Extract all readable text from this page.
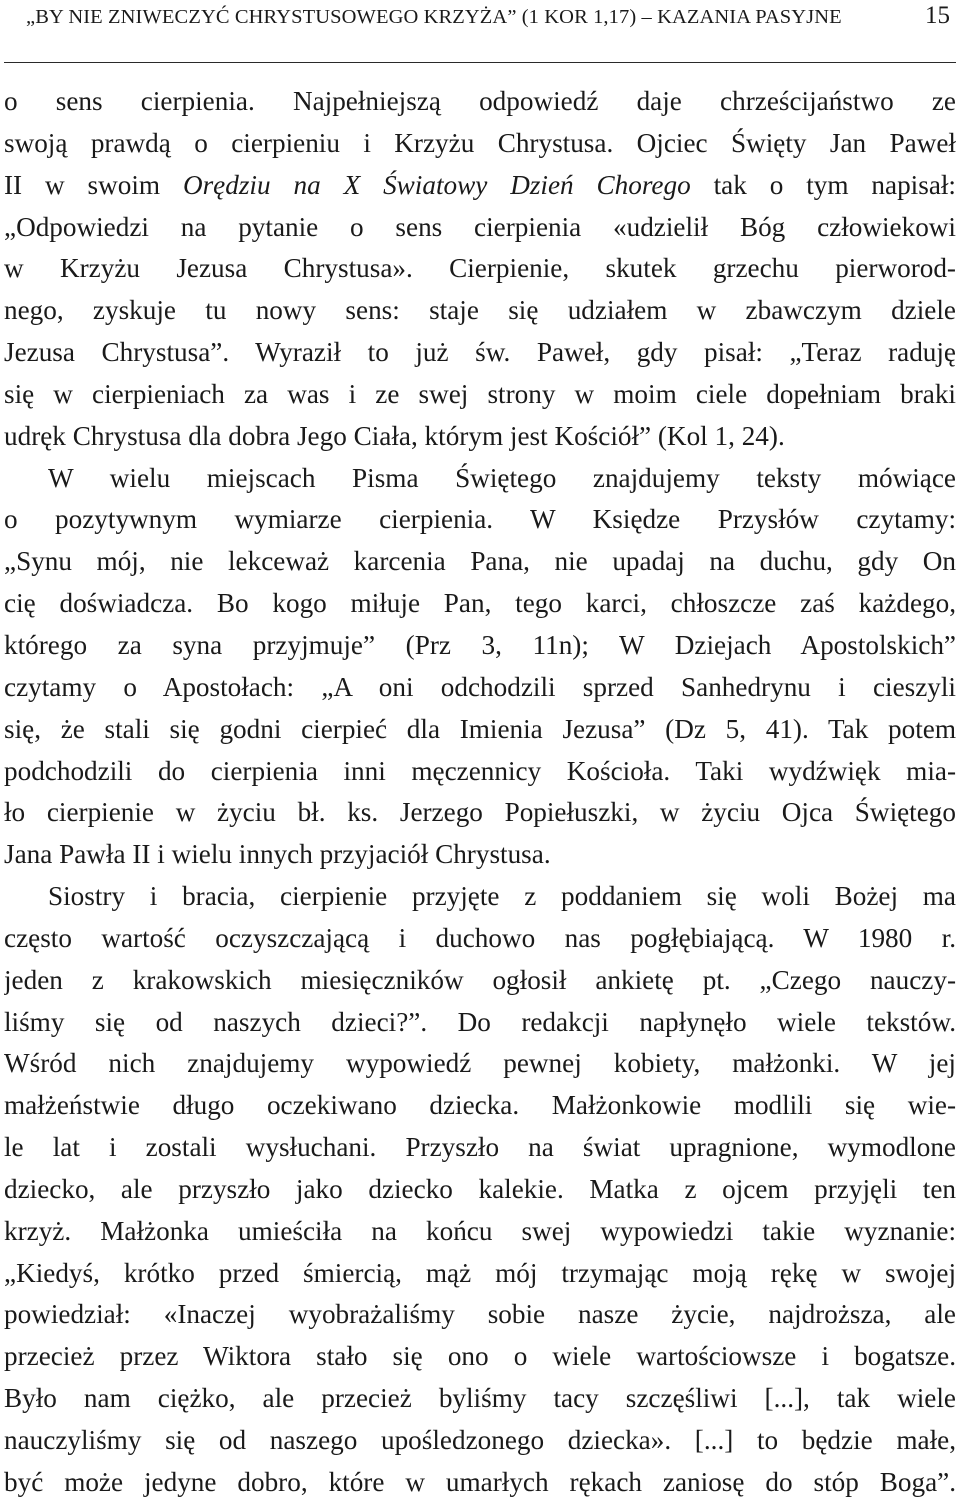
„BY NIE ZNIWECZYĆ CHRYSTUSOWEGO KRZYŻA” (1 KOR 1,17) – KAZANIA PASYJNE	15
o sens cierpienia. Najpełniejszą odpowiedź daje chrześcijaństwo ze
swoją prawdą o cierpieniu i Krzyżu Chrystusa. Ojciec Święty Jan Paweł
II w swoim Orędziu na X Światowy Dzień Chorego tak o tym napisał:
„Odpowiedzi na pytanie o sens cierpienia «udzielił Bóg człowiekowi
w Krzyżu Jezusa Chrystusa». Cierpienie, skutek grzechu pierworod-
nego, zyskuje tu nowy sens: staje się udziałem w zbawczym dziele
Jezusa Chrystusa”. Wyraził to już św. Paweł, gdy pisał: „Teraz raduję
się w cierpieniach za was i ze swej strony w moim ciele dopełniam braki
udręk Chrystusa dla dobra Jego Ciała, którym jest Kościół” (Kol 1, 24).
W wielu miejscach Pisma Świętego znajdujemy teksty mówiące
o pozytywnym wymiarze cierpienia. W Księdze Przysłów czytamy:
„Synu mój, nie lekceważ karcenia Pana, nie upadaj na duchu, gdy On
cię doświadcza. Bo kogo miłuje Pan, tego karci, chłoszcze zaś każdego,
którego za syna przyjmuje” (Prz 3, 11n); W Dziejach Apostolskich”
czytamy o Apostołach: „A oni odchodzili sprzed Sanhedrynu i cieszyli
się, że stali się godni cierpieć dla Imienia Jezusa” (Dz 5, 41). Tak potem
podchodzili do cierpienia inni męczennicy Kościoła. Taki wydźwięk mia-
ło cierpienie w życiu bł. ks. Jerzego Popiełuszki, w życiu Ojca Świętego
Jana Pawła II i wielu innych przyjaciół Chrystusa.
Siostry i bracia, cierpienie przyjęte z poddaniem się woli Bożej ma
często wartość oczyszczającą i duchowo nas pogłębiającą. W 1980 r.
jeden z krakowskich miesięczników ogłosił ankietę pt. „Czego nauczy-
liśmy się od naszych dzieci?”. Do redakcji napłynęło wiele tekstów.
Wśród nich znajdujemy wypowiedź pewnej kobiety, małżonki. W jej
małżeństwie długo oczekiwano dziecka. Małżonkowie modlili się wie-
le lat i zostali wysłuchani. Przyszło na świat upragnione, wymodlone
dziecko, ale przyszło jako dziecko kalekie. Matka z ojcem przyjęli ten
krzyż. Małżonka umieściła na końcu swej wypowiedzi takie wyznanie:
„Kiedyś, krótko przed śmiercią, mąż mój trzymając moją rękę w swojej
powiedział: «Inaczej wyobrażaliśmy sobie nasze życie, najdroższa, ale
przecież przez Wiktora stało się ono o wiele wartościowsze i bogatsze.
Było nam ciężko, ale przecież byliśmy tacy szczęśliwi [...], tak wiele
nauczyliśmy się od naszego upośledzonego dziecka». [...] to będzie małe,
być może jedyne dobro, które w umarłych rękach zaniosę do stóp Boga”.
